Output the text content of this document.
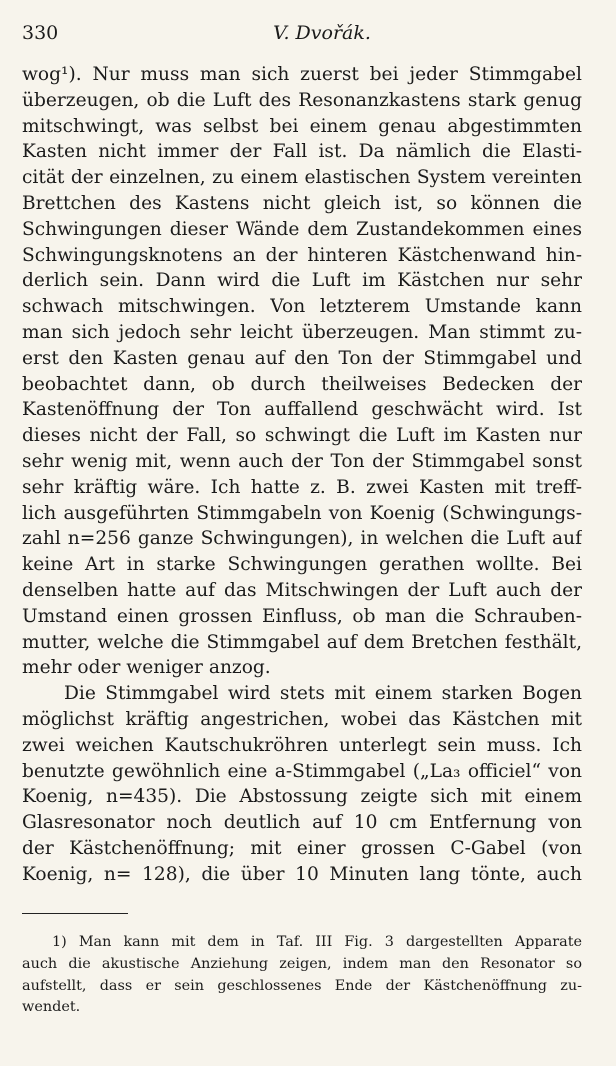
330	V. Dvořák.
wog¹). Nur muss man sich zuerst bei jeder Stimmgabel
überzeugen, ob die Luft des Resonanzkastens stark genug
mitschwingt, was selbst bei einem genau abgestimmten
Kasten nicht immer der Fall ist. Da nämlich die Elasti-
cität der einzelnen, zu einem elastischen System vereinten
Brettchen des Kastens nicht gleich ist, so können die
Schwingungen dieser Wände dem Zustandekommen eines
Schwingungsknotens an der hinteren Kästchenwand hin-
derlich sein. Dann wird die Luft im Kästchen nur sehr
schwach mitschwingen. Von letzterem Umstande kann
man sich jedoch sehr leicht überzeugen. Man stimmt zu-
erst den Kasten genau auf den Ton der Stimmgabel und
beobachtet dann, ob durch theilweises Bedecken der
Kastenöffnung der Ton auffallend geschwächt wird. Ist
dieses nicht der Fall, so schwingt die Luft im Kasten nur
sehr wenig mit, wenn auch der Ton der Stimmgabel sonst
sehr kräftig wäre. Ich hatte z. B. zwei Kasten mit treff-
lich ausgeführten Stimmgabeln von Koenig (Schwingungs-
zahl n=256 ganze Schwingungen), in welchen die Luft auf
keine Art in starke Schwingungen gerathen wollte. Bei
denselben hatte auf das Mitschwingen der Luft auch der
Umstand einen grossen Einfluss, ob man die Schrauben-
mutter, welche die Stimmgabel auf dem Bretchen festhält,
mehr oder weniger anzog.
Die Stimmgabel wird stets mit einem starken Bogen
möglichst kräftig angestrichen, wobei das Kästchen mit
zwei weichen Kautschukröhren unterlegt sein muss. Ich
benutzte gewöhnlich eine a-Stimmgabel („La₃ officiel“ von
Koenig, n=435). Die Abstossung zeigte sich mit einem
Glasresonator noch deutlich auf 10 cm Entfernung von
der Kästchenöffnung; mit einer grossen C-Gabel (von
Koenig, n= 128), die über 10 Minuten lang tönte, auch
1) Man kann mit dem in Taf. III Fig. 3 dargestellten Apparate
auch die akustische Anziehung zeigen, indem man den Resonator so
aufstellt, dass er sein geschlossenes Ende der Kästchenöffnung zu-
wendet.
